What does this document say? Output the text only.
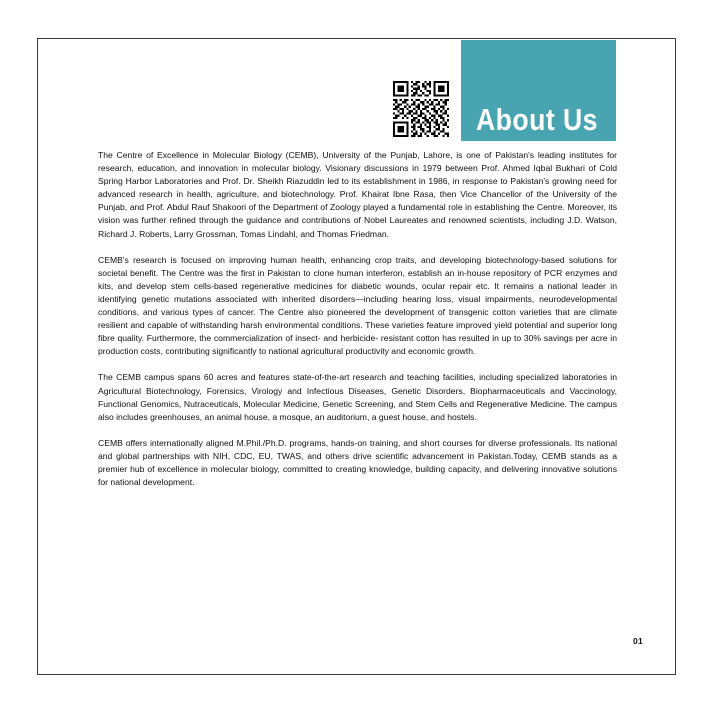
About Us

The Centre of Excellence in Molecular Biology (CEMB), University of the Punjab, Lahore, is one of Pakistan's leading institutes for research, education, and innovation in molecular biology. Visionary discussions in 1979 between Prof. Ahmed Iqbal Bukhari of Cold Spring Harbor Laboratories and Prof. Dr. Sheikh Riazuddin led to its establishment in 1986, in response to Pakistan's growing need for advanced research in health, agriculture, and biotechnology. Prof. Khairat Ibne Rasa, then Vice Chancellor of the University of the Punjab, and Prof. Abdul Rauf Shakoori of the Department of Zoology played a fundamental role in establishing the Centre. Moreover, its vision was further refined through the guidance and contributions of Nobel Laureates and renowned scientists, including J.D. Watson, Richard J. Roberts, Larry Grossman, Tomas Lindahl, and Thomas Friedman.

CEMB's research is focused on improving human health, enhancing crop traits, and developing biotechnology-based solutions for societal benefit. The Centre was the first in Pakistan to clone human interferon, establish an in-house repository of PCR enzymes and kits, and develop stem cells-based regenerative medicines for diabetic wounds, ocular repair etc. It remains a national leader in identifying genetic mutations associated with inherited disorders—including hearing loss, visual impairments, neurodevelopmental conditions, and various types of cancer. The Centre also pioneered the development of transgenic cotton varieties that are climate resilient and capable of withstanding harsh environmental conditions. These varieties feature improved yield potential and superior long fibre quality. Furthermore, the commercialization of insect- and herbicide- resistant cotton has resulted in up to 30% savings per acre in production costs, contributing significantly to national agricultural productivity and economic growth.

The CEMB campus spans 60 acres and features state-of-the-art research and teaching facilities, including specialized laboratories in Agricultural Biotechnology, Forensics, Virology and Infectious Diseases, Genetic Disorders, Biopharmaceuticals and Vaccinology, Functional Genomics, Nutraceuticals, Molecular Medicine, Genetic Screening, and Stem Cells and Regenerative Medicine. The campus also includes greenhouses, an animal house, a mosque, an auditorium, a guest house, and hostels.

CEMB offers internationally aligned M.Phil./Ph.D. programs, hands-on training, and short courses for diverse professionals. Its national and global partnerships with NIH, CDC, EU, TWAS, and others drive scientific advancement in Pakistan.Today, CEMB stands as a premier hub of excellence in molecular biology, committed to creating knowledge, building capacity, and delivering innovative solutions for national development.

01
